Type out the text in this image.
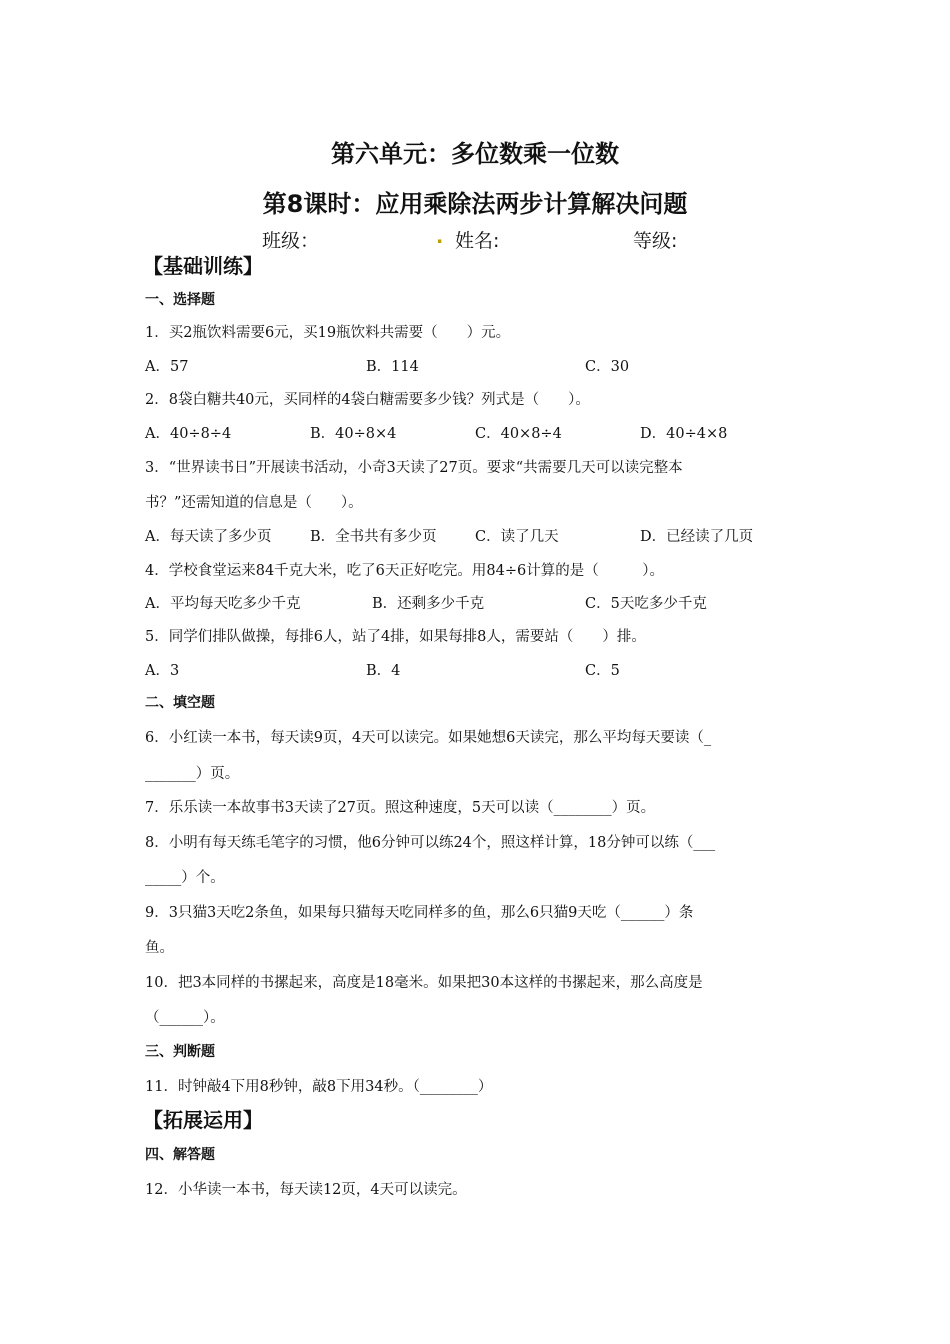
第六单元：多位数乘一位数
第8课时：应用乘除法两步计算解决问题
班级：	. 姓名:	等级:
【基础训练】
一、选择题
1．买2瓶饮料需要6元，买19瓶饮料共需要（　　）元。
A．57	B．114	C．30
2．8袋白糖共40元，买同样的4袋白糖需要多少钱？列式是（　　）。
A．40÷8÷4	B．40÷8×4	C．40×8÷4	D．40÷4×8
3．“世界读书日”开展读书活动，小奇3天读了27页。要求“共需要几天可以读完整本
书？”还需知道的信息是（　　）。
A．每天读了多少页	B．全书共有多少页	C．读了几天	D．已经读了几页
4．学校食堂运来84千克大米，吃了6天正好吃完。用84÷6计算的是（　　　）。
A．平均每天吃多少千克	B．还剩多少千克	C．5天吃多少千克
5．同学们排队做操，每排6人，站了4排，如果每排8人，需要站（　　）排。
A．3	B．4	C．5
二、填空题
6．小红读一本书，每天读9页，4天可以读完。如果她想6天读完，那么平均每天要读（_
_______）页。
7．乐乐读一本故事书3天读了27页。照这种速度，5天可以读（________）页。
8．小明有每天练毛笔字的习惯，他6分钟可以练24个，照这样计算，18分钟可以练（___
_____）个。
9．3只猫3天吃2条鱼，如果每只猫每天吃同样多的鱼，那么6只猫9天吃（______）条
鱼。
10．把3本同样的书摞起来，高度是18毫米。如果把30本这样的书摞起来，那么高度是
（______）。
三、判断题
11．时钟敲4下用8秒钟，敲8下用34秒。（________）
【拓展运用】
四、解答题
12．小华读一本书，每天读12页，4天可以读完。
